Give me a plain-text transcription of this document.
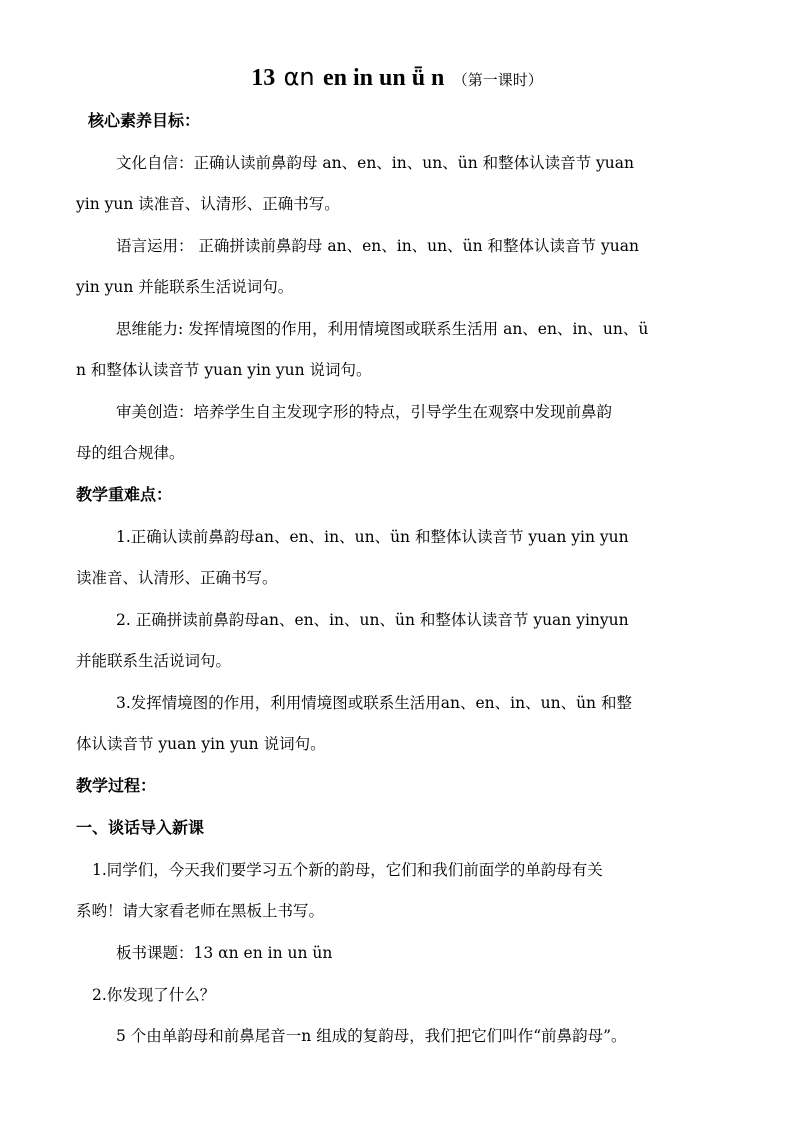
13 αn en in un ǖ n （第一课时）
核心素养目标：
文化自信：正确认读前鼻韵母 an、en、in、un、ün 和整体认读音节 yuan
yin yun 读准音、认清形、正确书写。
语言运用： 正确拼读前鼻韵母 an、en、in、un、ün 和整体认读音节 yuan
yin yun 并能联系生活说词句。
思维能力: 发挥情境图的作用，利用情境图或联系生活用 an、en、in、un、ü
n 和整体认读音节 yuan yin yun 说词句。
审美创造：培养学生自主发现字形的特点，引导学生在观察中发现前鼻韵
母的组合规律。
教学重难点：
1.正确认读前鼻韵母an、en、in、un、ün 和整体认读音节 yuan yin yun
读准音、认清形、正确书写。
2. 正确拼读前鼻韵母an、en、in、un、ün 和整体认读音节 yuan yinyun
并能联系生活说词句。
3.发挥情境图的作用，利用情境图或联系生活用an、en、in、un、ün 和整
体认读音节 yuan yin yun 说词句。
教学过程：
一、谈话导入新课
1.同学们，今天我们要学习五个新的韵母，它们和我们前面学的单韵母有关
系哟！请大家看老师在黑板上书写。
板书课题：13 αn en in un ün
2.你发现了什么？
5 个由单韵母和前鼻尾音一n 组成的复韵母，我们把它们叫作“前鼻韵母”。
